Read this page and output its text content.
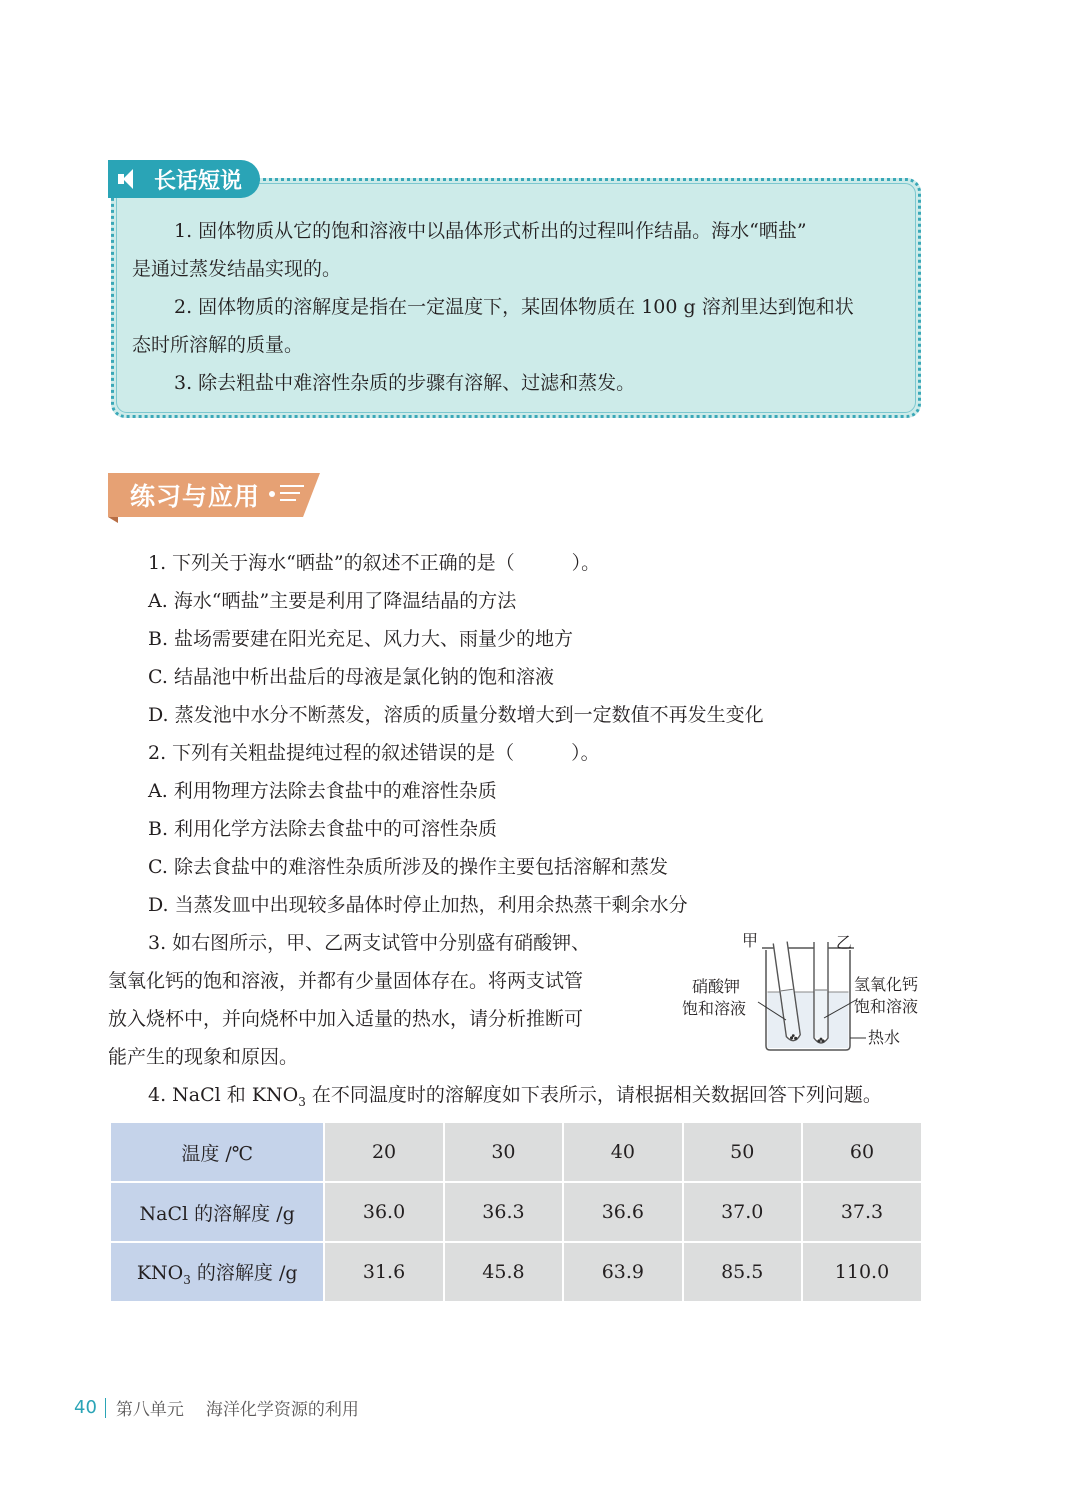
长话短说

1. 固体物质从它的饱和溶液中以晶体形式析出的过程叫作结晶。海水“晒盐”

是通过蒸发结晶实现的。

2. 固体物质的溶解度是指在一定温度下，某固体物质在 100 g 溶剂里达到饱和状

态时所溶解的质量。

3. 除去粗盐中难溶性杂质的步骤有溶解、过滤和蒸发。

练习与应用

1. 下列关于海水“晒盐”的叙述不正确的是（　　　）。

A. 海水“晒盐”主要是利用了降温结晶的方法

B. 盐场需要建在阳光充足、风力大、雨量少的地方

C. 结晶池中析出盐后的母液是氯化钠的饱和溶液

D. 蒸发池中水分不断蒸发，溶质的质量分数增大到一定数值不再发生变化

2. 下列有关粗盐提纯过程的叙述错误的是（　　　）。

A. 利用物理方法除去食盐中的难溶性杂质

B. 利用化学方法除去食盐中的可溶性杂质

C. 除去食盐中的难溶性杂质所涉及的操作主要包括溶解和蒸发

D. 当蒸发皿中出现较多晶体时停止加热，利用余热蒸干剩余水分

3. 如右图所示，甲、乙两支试管中分别盛有硝酸钾、

氢氧化钙的饱和溶液，并都有少量固体存在。将两支试管

放入烧杯中，并向烧杯中加入适量的热水，请分析推断可

能产生的现象和原因。

甲	乙
硝酸钾
饱和溶液
氢氧化钙
饱和溶液
热水
4. NaCl 和 $KNO_3$ 在不同温度时的溶解度如下表所示，请根据相关数据回答下列问题。
温度 /℃	20	30	40	50	60
NaCl 的溶解度 /g	36.0	36.3	36.6	37.0	37.3
$KNO_3$ 的溶解度 /g	31.6	45.8	63.9	85.5	110.0
40 第八单元 海洋化学资源的利用
